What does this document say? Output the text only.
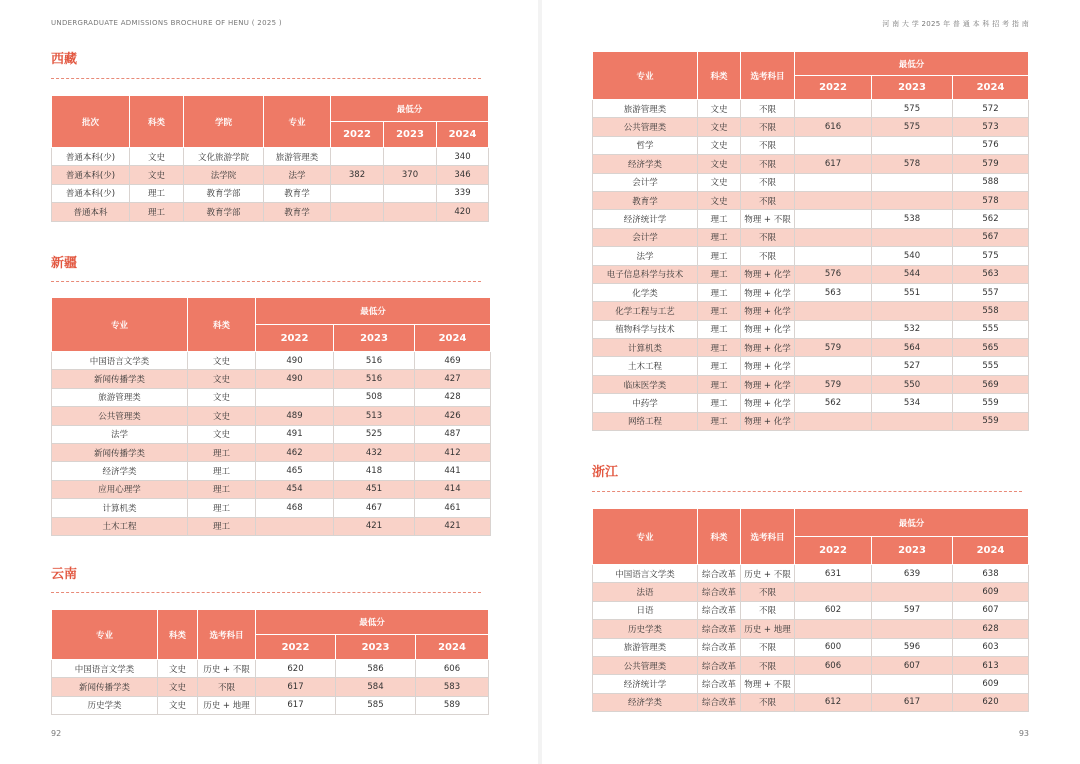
UNDERGRADUATE ADMISSIONS BROCHURE OF HENU ( 2025 )
西藏
批次	科类	学院	专业	最低分		
				2022	2023	2024
普通本科(少)	文史	文化旅游学院	旅游管理类			340
普通本科(少)	文史	法学院	法学	382	370	346
普通本科(少)	理工	教育学部	教育学			339
普通本科	理工	教育学部	教育学			420
新疆
专业	科类	最低分		
		2022	2023	2024
中国语言文学类	文史	490	516	469
新闻传播学类	文史	490	516	427
旅游管理类	文史		508	428
公共管理类	文史	489	513	426
法学	文史	491	525	487
新闻传播学类	理工	462	432	412
经济学类	理工	465	418	441
应用心理学	理工	454	451	414
计算机类	理工	468	467	461
土木工程	理工		421	421
云南
专业	科类	选考科目	最低分		
			2022	2023	2024
中国语言文学类	文史	历史 + 不限	620	586	606
新闻传播学类	文史	不限	617	584	583
历史学类	文史	历史 + 地理	617	585	589
92
河 南 大 学 2025 年 普 通 本 科 招 考 指 南
专业	科类	选考科目	最低分		
			2022	2023	2024
旅游管理类	文史	不限		575	572
公共管理类	文史	不限	616	575	573
哲学	文史	不限			576
经济学类	文史	不限	617	578	579
会计学	文史	不限			588
教育学	文史	不限			578
经济统计学	理工	物理 + 不限		538	562
会计学	理工	不限			567
法学	理工	不限		540	575
电子信息科学与技术	理工	物理 + 化学	576	544	563
化学类	理工	物理 + 化学	563	551	557
化学工程与工艺	理工	物理 + 化学			558
植物科学与技术	理工	物理 + 化学		532	555
计算机类	理工	物理 + 化学	579	564	565
土木工程	理工	物理 + 化学		527	555
临床医学类	理工	物理 + 化学	579	550	569
中药学	理工	物理 + 化学	562	534	559
网络工程	理工	物理 + 化学			559
浙江
专业	科类	选考科目	最低分		
			2022	2023	2024
中国语言文学类	综合改革	历史 + 不限	631	639	638
法语	综合改革	不限			609
日语	综合改革	不限	602	597	607
历史学类	综合改革	历史 + 地理			628
旅游管理类	综合改革	不限	600	596	603
公共管理类	综合改革	不限	606	607	613
经济统计学	综合改革	物理 + 不限			609
经济学类	综合改革	不限	612	617	620
93
